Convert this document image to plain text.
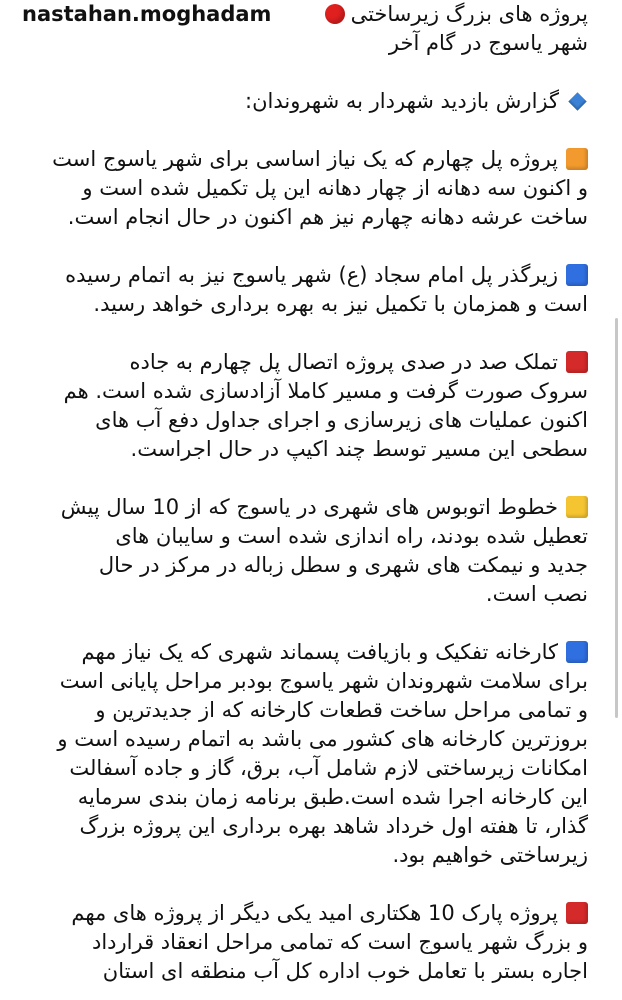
nastahan.moghadam	پروژه های بزرگ زیرساختی
شهر یاسوج در گام آخر
گزارش بازدید شهردار به شهروندان:
پروژه پل چهارم که یک نیاز اساسی برای شهر یاسوج است
و اکنون سه دهانه از چهار دهانه این پل تکمیل شده است و
ساخت عرشه دهانه چهارم نیز هم اکنون در حال انجام است.
زیرگذر پل امام سجاد (ع) شهر یاسوج نیز به اتمام رسیده
است و همزمان با تکمیل نیز به بهره برداری خواهد رسید.
تملک صد در صدی پروژه اتصال پل چهارم به جاده
سروک صورت گرفت و مسیر کاملا آزادسازی شده است. هم
اکنون عملیات های زیرسازی و اجرای جداول دفع آب های
سطحی این مسیر توسط چند اکیپ در حال اجراست.
خطوط اتوبوس های شهری در یاسوج که از 10 سال پیش
تعطیل شده بودند، راه اندازی شده است و سایبان های
جدید و نیمکت های شهری و سطل زباله در مرکز در حال
نصب است.
کارخانه تفکیک و بازیافت پسماند شهری که یک نیاز مهم
برای سلامت شهروندان شهر یاسوج بودبر مراحل پایانی است
و تمامی مراحل ساخت قطعات کارخانه که از جدیدترین و
بروزترین کارخانه های کشور می باشد به اتمام رسیده است و
امکانات زیرساختی لازم شامل آب، برق، گاز و جاده آسفالت
این کارخانه اجرا شده است.طبق برنامه زمان بندی سرمایه
گذار، تا هفته اول خرداد شاهد بهره برداری این پروژه بزرگ
زیرساختی خواهیم بود.
پروژه پارک 10 هکتاری امید یکی دیگر از پروژه های مهم
و بزرگ شهر یاسوج است که تمامی مراحل انعقاد قرارداد
اجاره بستر با تعامل خوب اداره کل آب منطقه ای استان
